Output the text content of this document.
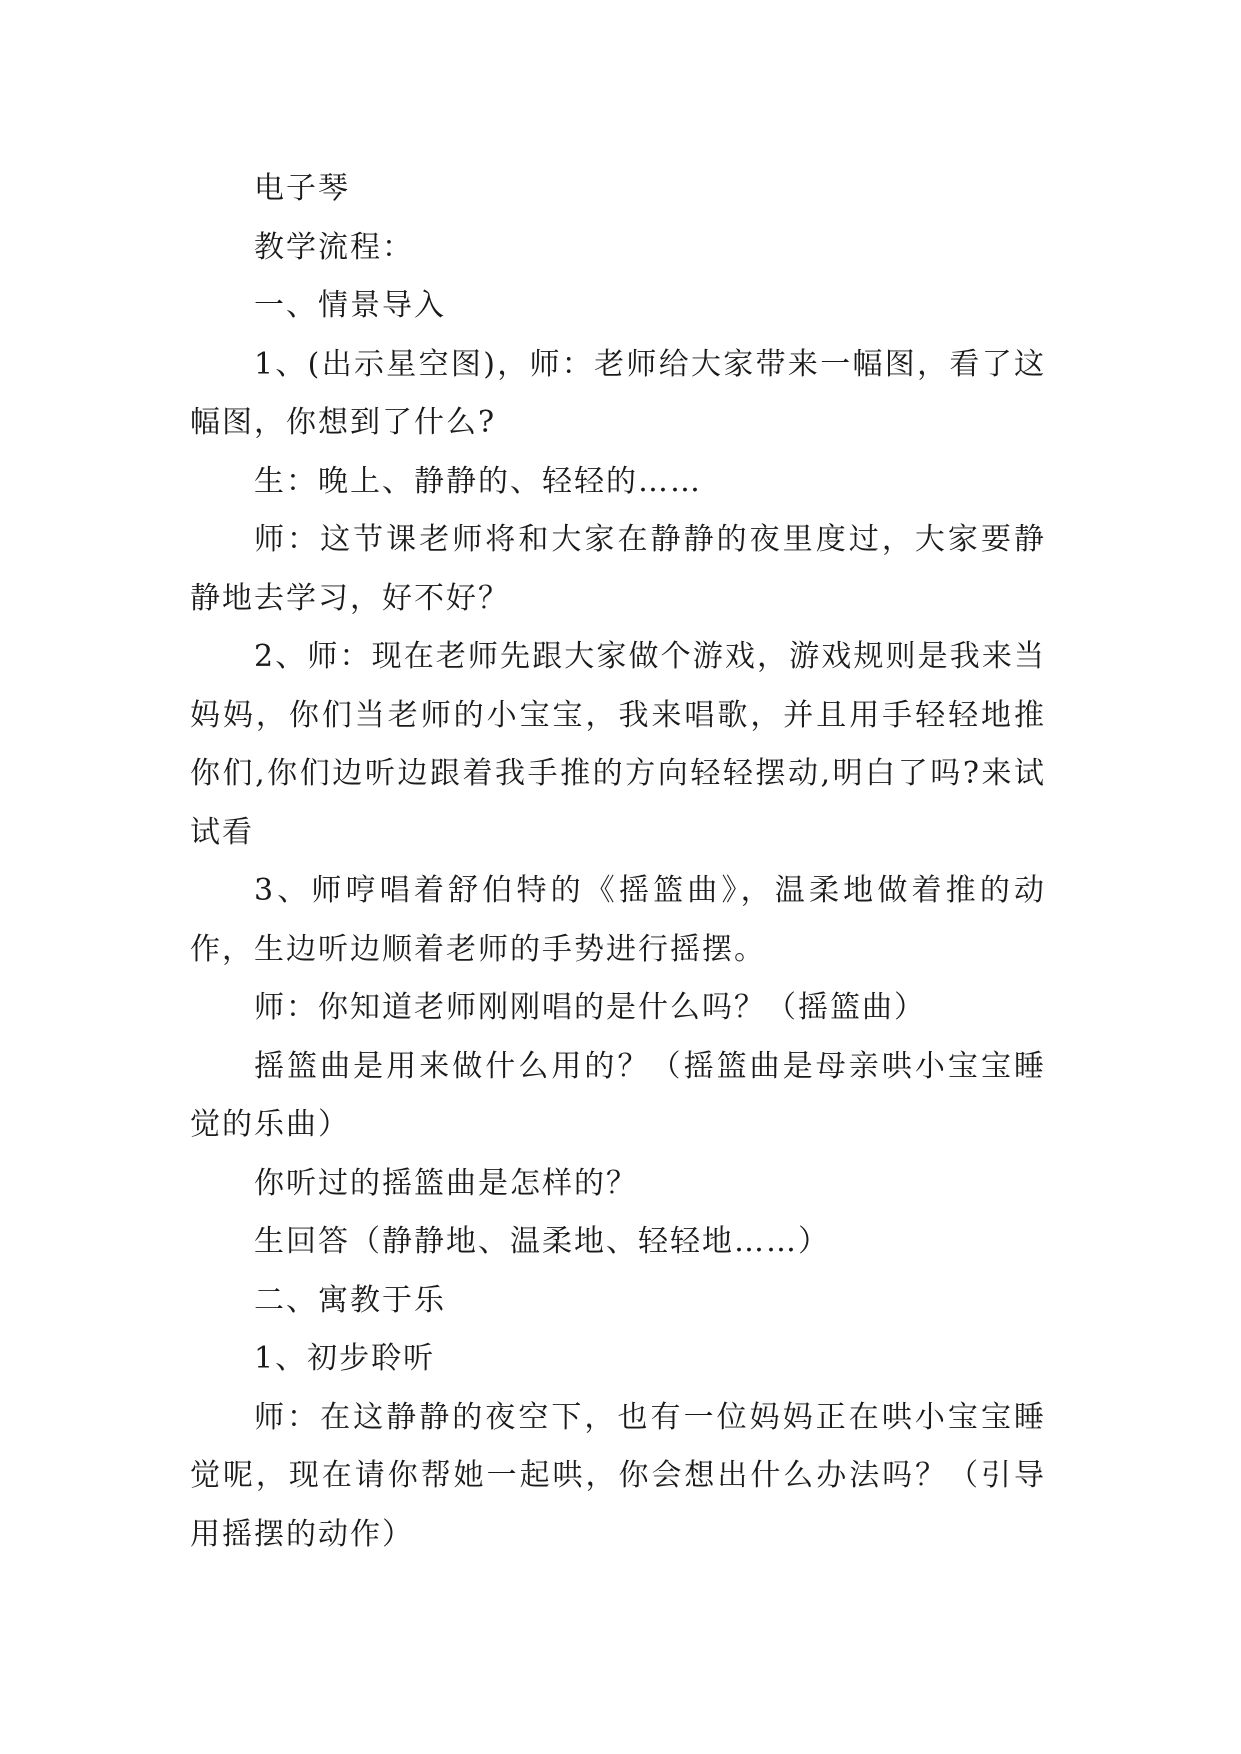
电子琴

教学流程：

一、情景导入

1、(出示星空图)，师：老师给大家带来一幅图，看了这幅图，你想到了什么?

生：晚上、静静的、轻轻的……

师：这节课老师将和大家在静静的夜里度过，大家要静静地去学习，好不好？

2、师：现在老师先跟大家做个游戏，游戏规则是我来当妈妈，你们当老师的小宝宝，我来唱歌，并且用手轻轻地推你们,你们边听边跟着我手推的方向轻轻摆动,明白了吗?来试试看

3、师哼唱着舒伯特的《摇篮曲》，温柔地做着推的动作，生边听边顺着老师的手势进行摇摆。

师：你知道老师刚刚唱的是什么吗？（摇篮曲）

摇篮曲是用来做什么用的？（摇篮曲是母亲哄小宝宝睡觉的乐曲）

你听过的摇篮曲是怎样的？

生回答（静静地、温柔地、轻轻地……）

二、寓教于乐

1、初步聆听

师：在这静静的夜空下，也有一位妈妈正在哄小宝宝睡觉呢，现在请你帮她一起哄，你会想出什么办法吗？（引导用摇摆的动作）
